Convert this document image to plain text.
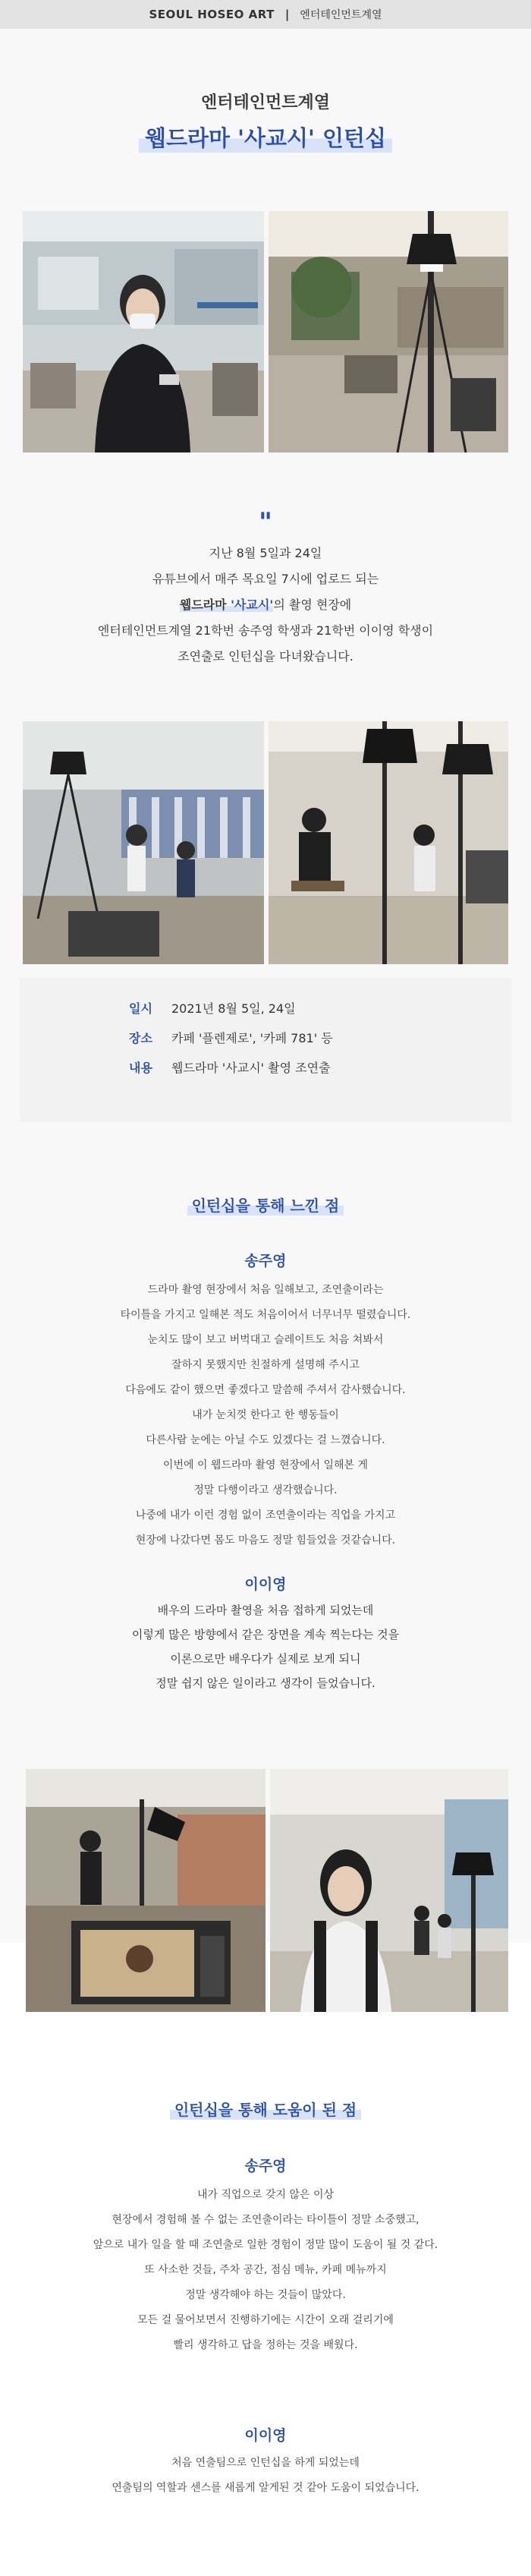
SEOUL HOSEO ART | 엔터테인먼트계열
엔터테인먼트계열
웹드라마 '사교시' 인턴십
"
지난 8월 5일과 24일
유튜브에서 매주 목요일 7시에 업로드 되는
웹드라마 '사교시'의 촬영 현장에
엔터테인먼트계열 21학번 송주영 학생과 21학번 이이영 학생이
조연출로 인턴십을 다녀왔습니다.
일시 2021년 8월 5일, 24일
장소 카페 '플렌제로', '카페 781' 등
내용 웹드라마 '사교시' 촬영 조연출
인턴십을 통해 느낀 점
송주영
드라마 촬영 현장에서 처음 일해보고, 조연출이라는
타이틀을 가지고 일해본 적도 처음이어서 너무너무 떨렸습니다.
눈치도 많이 보고 버벅대고 슬레이트도 처음 쳐봐서
잘하지 못했지만 친절하게 설명해 주시고
다음에도 같이 했으면 좋겠다고 말씀해 주셔서 감사했습니다.
내가 눈치껏 한다고 한 행동들이
다른사람 눈에는 아닐 수도 있겠다는 걸 느꼈습니다.
이번에 이 웹드라마 촬영 현장에서 일해본 게
정말 다행이라고 생각했습니다.
나중에 내가 이런 경험 없이 조연출이라는 직업을 가지고
현장에 나갔다면 몸도 마음도 정말 힘들었을 것같습니다.
이이영
배우의 드라마 촬영을 처음 접하게 되었는데
이렇게 많은 방향에서 같은 장면을 계속 찍는다는 것을
이론으로만 배우다가 실제로 보게 되니
정말 쉽지 않은 일이라고 생각이 들었습니다.
인턴십을 통해 도움이 된 점
송주영
내가 직업으로 갖지 않은 이상
현장에서 경험해 볼 수 없는 조연출이라는 타이틀이 정말 소중했고,
앞으로 내가 일을 할 때 조연출로 일한 경험이 정말 많이 도움이 될 것 같다.
또 사소한 것들, 주차 공간, 점심 메뉴, 카페 메뉴까지
정말 생각해야 하는 것들이 많았다.
모든 걸 물어보면서 진행하기에는 시간이 오래 걸리기에
빨리 생각하고 답을 정하는 것을 배웠다.
이이영
처음 연출팀으로 인턴십을 하게 되었는데
연출팀의 역할과 센스를 새롭게 알게된 것 같아 도움이 되었습니다.
